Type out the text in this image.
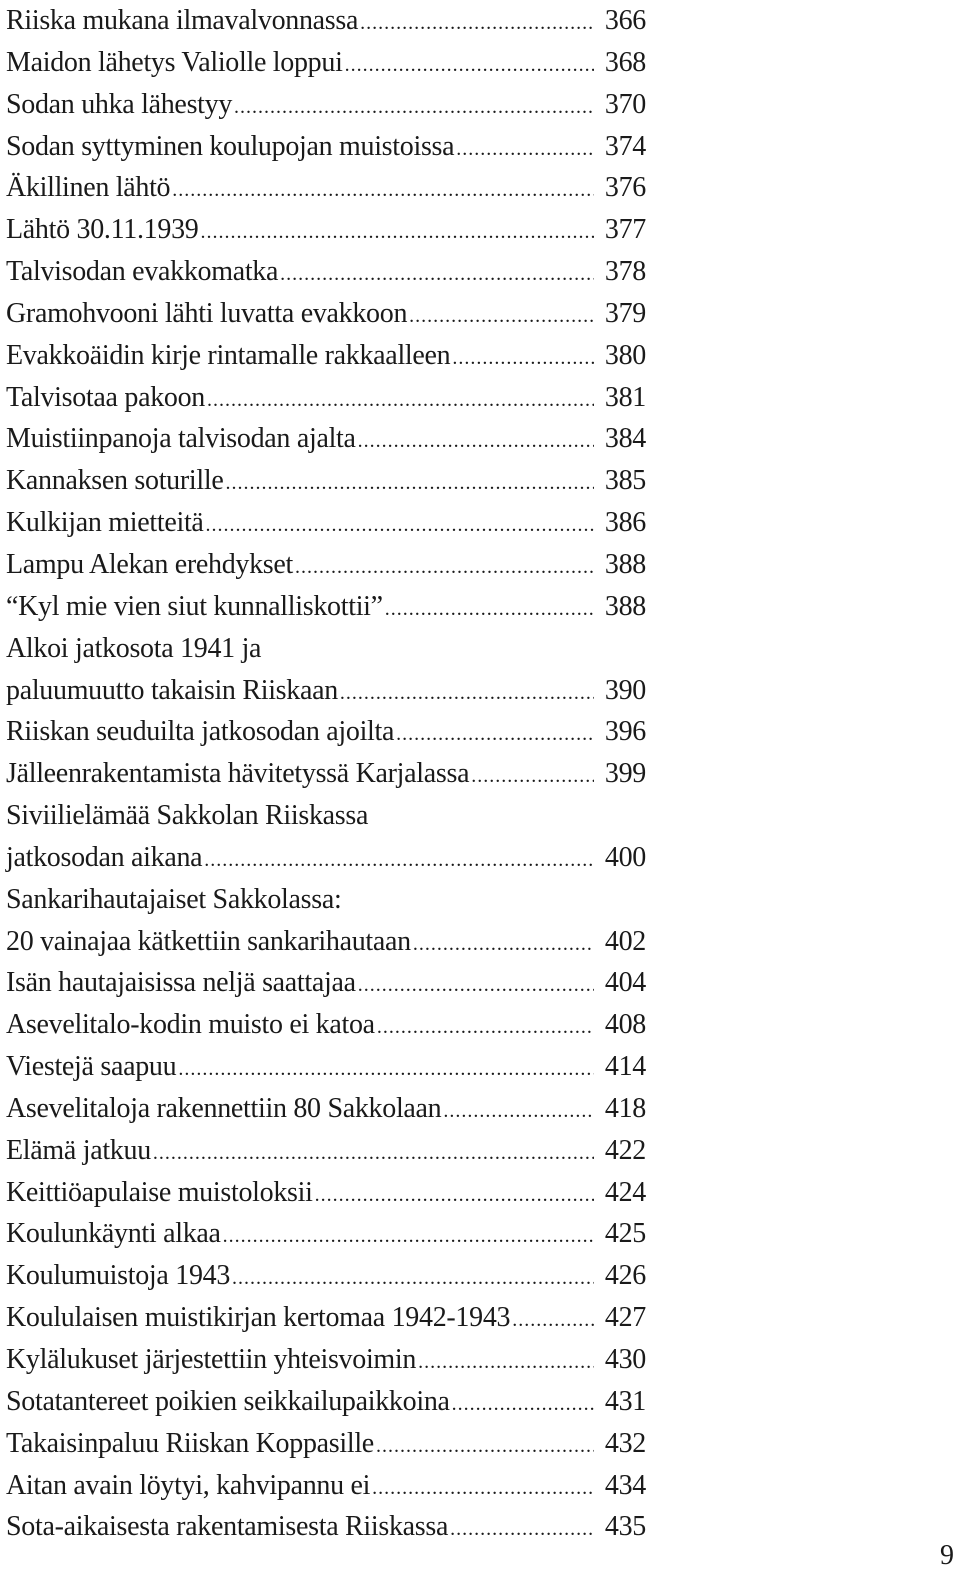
Riiska mukana ilmavalvonnassa .....	366
Maidon lähetys Valiolle loppui .....	368
Sodan uhka lähestyy .....	370
Sodan syttyminen koulupojan muistoissa .....	374
Äkillinen lähtö .....	376
Lähtö 30.11.1939 .....	377
Talvisodan evakkomatka .....	378
Gramohvooni lähti luvatta evakkoon .....	379
Evakkoäidin kirje rintamalle rakkaalleen .....	380
Talvisotaa pakoon .....	381
Muistiinpanoja talvisodan ajalta .....	384
Kannaksen soturille .....	385
Kulkijan mietteitä .....	386
Lampu Alekan erehdykset .....	388
“Kyl mie vien siut kunnalliskottii” .....	388
Alkoi jatkosota 1941 ja
paluumuutto takaisin Riiskaan .....	390
Riiskan seuduilta jatkosodan ajoilta .....	396
Jälleenrakentamista hävitetyssä Karjalassa .....	399
Siviilielämää Sakkolan Riiskassa
jatkosodan aikana .....	400
Sankarihautajaiset Sakkolassa:
20 vainajaa kätkettiin sankarihautaan .....	402
Isän hautajaisissa neljä saattajaa .....	404
Asevelitalo-kodin muisto ei katoa .....	408
Viestejä saapuu .....	414
Asevelitaloja rakennettiin 80 Sakkolaan .....	418
Elämä jatkuu .....	422
Keittiöapulaise muistoloksii .....	424
Koulunkäynti alkaa .....	425
Koulumuistoja 1943 .....	426
Koululaisen muistikirjan kertomaa 1942-1943 .....	427
Kylälukuset järjestettiin yhteisvoimin .....	430
Sotatantereet poikien seikkailupaikkoina .....	431
Takaisinpaluu Riiskan Koppasille .....	432
Aitan avain löytyi, kahvipannu ei .....	434
Sota-aikaisesta rakentamisesta Riiskassa .....	435
9
